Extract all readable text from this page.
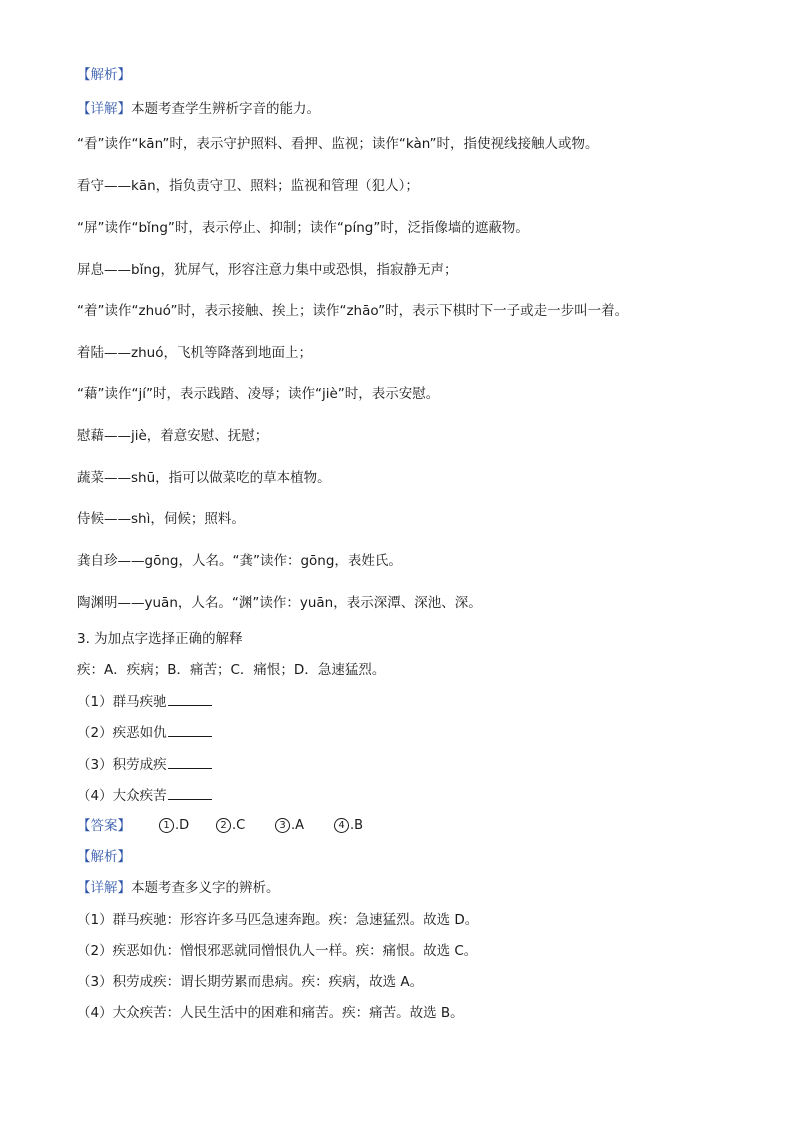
【解析】
【详解】本题考查学生辨析字音的能力。
“看”读作“kān”时，表示守护照料、看押、监视；读作“kàn”时，指使视线接触人或物。
看守——kān，指负责守卫、照料；监视和管理（犯人）；
“屏”读作“bǐng”时，表示停止、抑制；读作“píng”时，泛指像墙的遮蔽物。
屏息——bǐng，犹屏气，形容注意力集中或恐惧，指寂静无声；
“着”读作“zhuó”时，表示接触、挨上；读作“zhāo”时，表示下棋时下一子或走一步叫一着。
着陆——zhuó，飞机等降落到地面上；
“藉”读作“jí”时，表示践踏、凌辱；读作“jiè”时，表示安慰。
慰藉——jiè，着意安慰、抚慰；
蔬菜——shū，指可以做菜吃的草本植物。
侍候——shì，伺候；照料。
龚自珍——gōng，人名。“龚”读作：gōng，表姓氏。
陶渊明——yuān，人名。“渊”读作：yuān，表示深潭、深池、深。
3. 为加点字选择正确的解释
疾：A．疾病；B．痛苦；C．痛恨；D．急速猛烈。
（1）群马疾驰
（2）疾恶如仇
（3）积劳成疾
（4）大众疾苦
【答案】	1 .D	2 .C	3 .A	4 .B
【解析】
【详解】本题考查多义字的辨析。
（1）群马疾驰：形容许多马匹急速奔跑。疾：急速猛烈。故选 D。
（2）疾恶如仇：憎恨邪恶就同憎恨仇人一样。疾：痛恨。故选 C。
（3）积劳成疾：谓长期劳累而患病。疾：疾病，故选 A。
（4）大众疾苦：人民生活中的困难和痛苦。疾：痛苦。故选 B。
